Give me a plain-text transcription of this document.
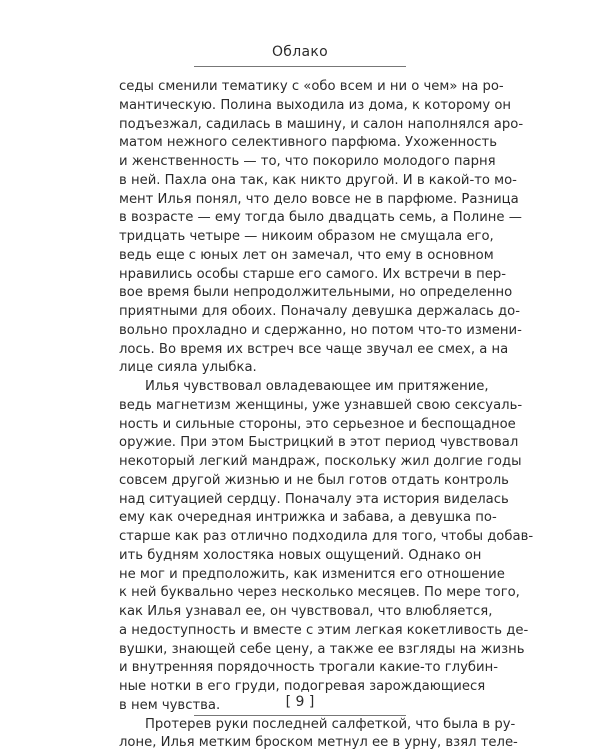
Облако
седы сменили тематику с «обо всем и ни о чем» на ро-
мантическую. Полина выходила из дома, к которому он
подъезжал, садилась в машину, и салон наполнялся аро-
матом нежного селективного парфюма. Ухоженность
и женственность — то, что покорило молодого парня
в ней. Пахла она так, как никто другой. И в какой-то мо-
мент Илья понял, что дело вовсе не в парфюме. Разница
в возрасте — ему тогда было двадцать семь, а Полине —
тридцать четыре — никоим образом не смущала его,
ведь еще с юных лет он замечал, что ему в основном
нравились особы старше его самого. Их встречи в пер-
вое время были непродолжительными, но определенно
приятными для обоих. Поначалу девушка держалась до-
вольно прохладно и сдержанно, но потом что-то измени-
лось. Во время их встреч все чаще звучал ее смех, а на
лице сияла улыбка.
Илья чувствовал овладевающее им притяжение,
ведь магнетизм женщины, уже узнавшей свою сексуаль-
ность и сильные стороны, это серьезное и беспощадное
оружие. При этом Быстрицкий в этот период чувствовал
некоторый легкий мандраж, поскольку жил долгие годы
совсем другой жизнью и не был готов отдать контроль
над ситуацией сердцу. Поначалу эта история виделась
ему как очередная интрижка и забава, а девушка по-
старше как раз отлично подходила для того, чтобы добав-
ить будням холостяка новых ощущений. Однако он
не мог и предположить, как изменится его отношение
к ней буквально через несколько месяцев. По мере того,
как Илья узнавал ее, он чувствовал, что влюбляется,
а недоступность и вместе с этим легкая кокетливость де-
вушки, знающей себе цену, а также ее взгляды на жизнь
и внутренняя порядочность трогали какие-то глубин-
ные нотки в его груди, подогревая зарождающиеся
в нем чувства.
Протерев руки последней салфеткой, что была в ру-
лоне, Илья метким броском метнул ее в урну, взял теле-
[ 9 ]
